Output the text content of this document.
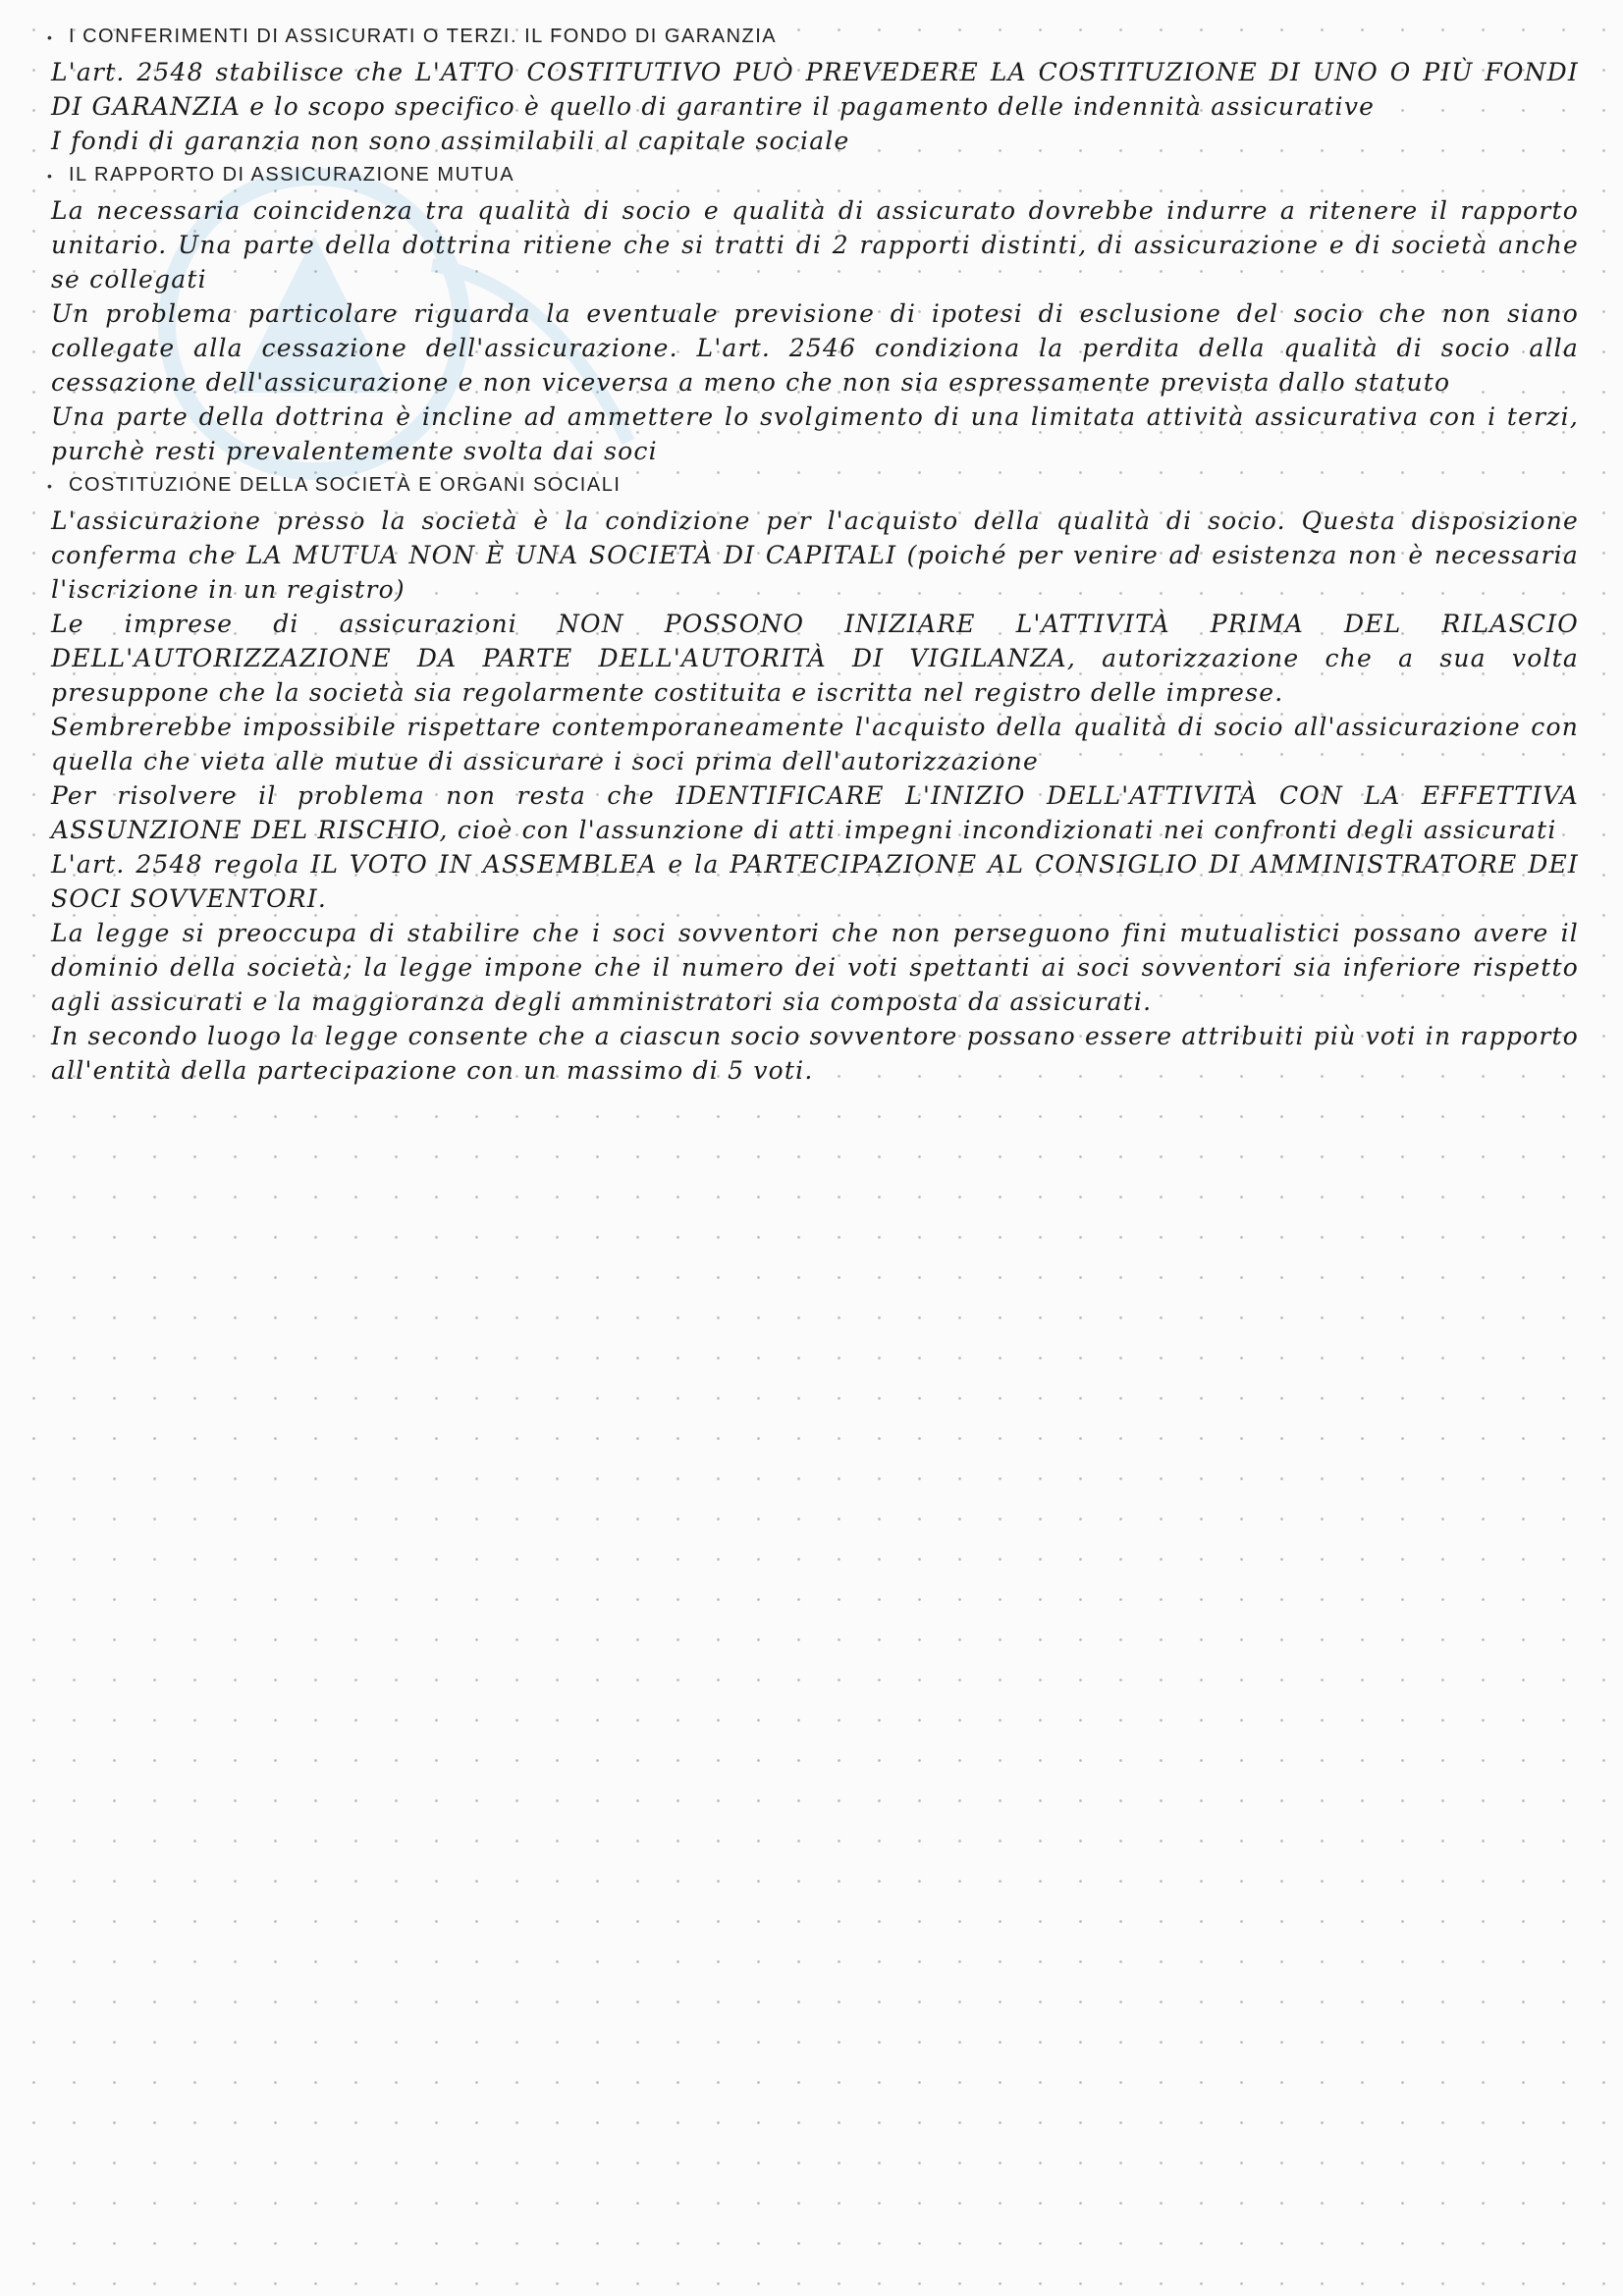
• I CONFERIMENTI DI ASSICURATI O TERZI. IL FONDO DI GARANZIA

L'art. 2548 stabilisce che L'ATTO COSTITUTIVO PUÒ PREVEDERE LA COSTITUZIONE DI UNO O PIÙ FONDI DI GARANZIA e lo scopo specifico è quello di garantire il pagamento delle indennità assicurative

I fondi di garanzia non sono assimilabili al capitale sociale

• IL RAPPORTO DI ASSICURAZIONE MUTUA

La necessaria coincidenza tra qualità di socio e qualità di assicurato dovrebbe indurre a ritenere il rapporto unitario. Una parte della dottrina ritiene che si tratti di 2 rapporti distinti, di assicurazione e di società anche se collegati

Un problema particolare riguarda la eventuale previsione di ipotesi di esclusione del socio che non siano collegate alla cessazione dell'assicurazione. L'art. 2546 condiziona la perdita della qualità di socio alla cessazione dell'assicurazione e non viceversa a meno che non sia espressamente prevista dallo statuto

Una parte della dottrina è incline ad ammettere lo svolgimento di una limitata attività assicurativa con i terzi, purchè resti prevalentemente svolta dai soci

• COSTITUZIONE DELLA SOCIETÀ E ORGANI SOCIALI

L'assicurazione presso la società è la condizione per l'acquisto della qualità di socio. Questa disposizione conferma che LA MUTUA NON È UNA SOCIETÀ DI CAPITALI (poiché per venire ad esistenza non è necessaria l'iscrizione in un registro)

Le imprese di assicurazioni NON POSSONO INIZIARE L'ATTIVITÀ PRIMA DEL RILASCIO DELL'AUTORIZZAZIONE DA PARTE DELL'AUTORITÀ DI VIGILANZA, autorizzazione che a sua volta presuppone che la società sia regolarmente costituita e iscritta nel registro delle imprese.

Sembrerebbe impossibile rispettare contemporaneamente l'acquisto della qualità di socio all'assicurazione con quella che vieta alle mutue di assicurare i soci prima dell'autorizzazione

Per risolvere il problema non resta che IDENTIFICARE L'INIZIO DELL'ATTIVITÀ CON LA EFFETTIVA ASSUNZIONE DEL RISCHIO, cioè con l'assunzione di atti impegni incondizionati nei confronti degli assicurati

L'art. 2548 regola IL VOTO IN ASSEMBLEA e la PARTECIPAZIONE AL CONSIGLIO DI AMMINISTRATORE DEI SOCI SOVVENTORI.

La legge si preoccupa di stabilire che i soci sovventori che non perseguono fini mutualistici possano avere il dominio della società; la legge impone che il numero dei voti spettanti ai soci sovventori sia inferiore rispetto agli assicurati e la maggioranza degli amministratori sia composta da assicurati.

In secondo luogo la legge consente che a ciascun socio sovventore possano essere attribuiti più voti in rapporto all'entità della partecipazione con un massimo di 5 voti.
